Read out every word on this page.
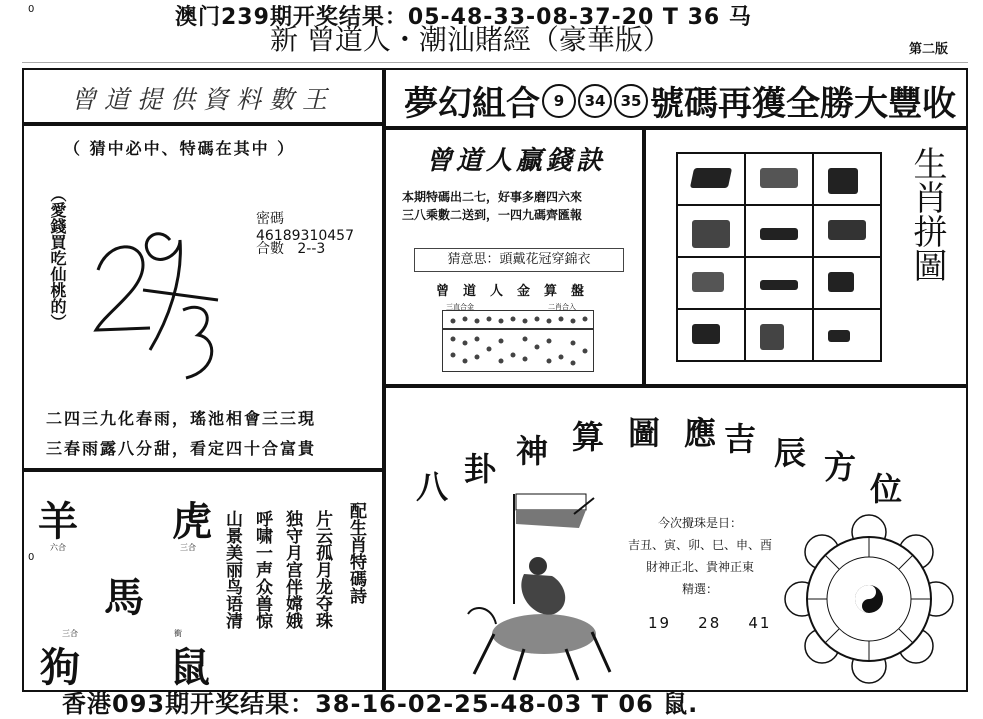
0	澳门239期开奖结果：05-48-33-08-37-20 T 36 马
新 曾道人・潮汕賭經（豪華版）	第二版
曾道提供資料數王
（ 猜中必中、特碼在其中 ）
（愛錢買吃仙桃的）	密碼   46189310457
合數 2--3
二四三九化春雨，瑤池相會三三現
三春雨露八分甜，看定四十合富貴
0
羊
六合
虎
三合
馬
三合
狗
衝
鼠
配生肖特碼詩
片云孤月龙夺珠
独守月宫伴嫦娥
呼啸一声众兽惊
山景美丽鸟语清
夢幻組合 9	34	35 號碼再獲全勝大豐收
曾道人贏錢訣
本期特碼出二七，好事多磨四六來
三八乘數二送到，一四九碼齊匯報
猜意思：頭戴花冠穿錦衣
曾道人金算盤
三直合金	二肖合入
生肖拼圖
八 卦 神 算 圖 應 吉 辰 方
位
今次攪珠是日：
吉丑、寅、卯、巳、申、酉
財神正北、貴神正東
精選：
19    28    41
香港093期开奖结果：38-16-02-25-48-03 T 06 鼠.
